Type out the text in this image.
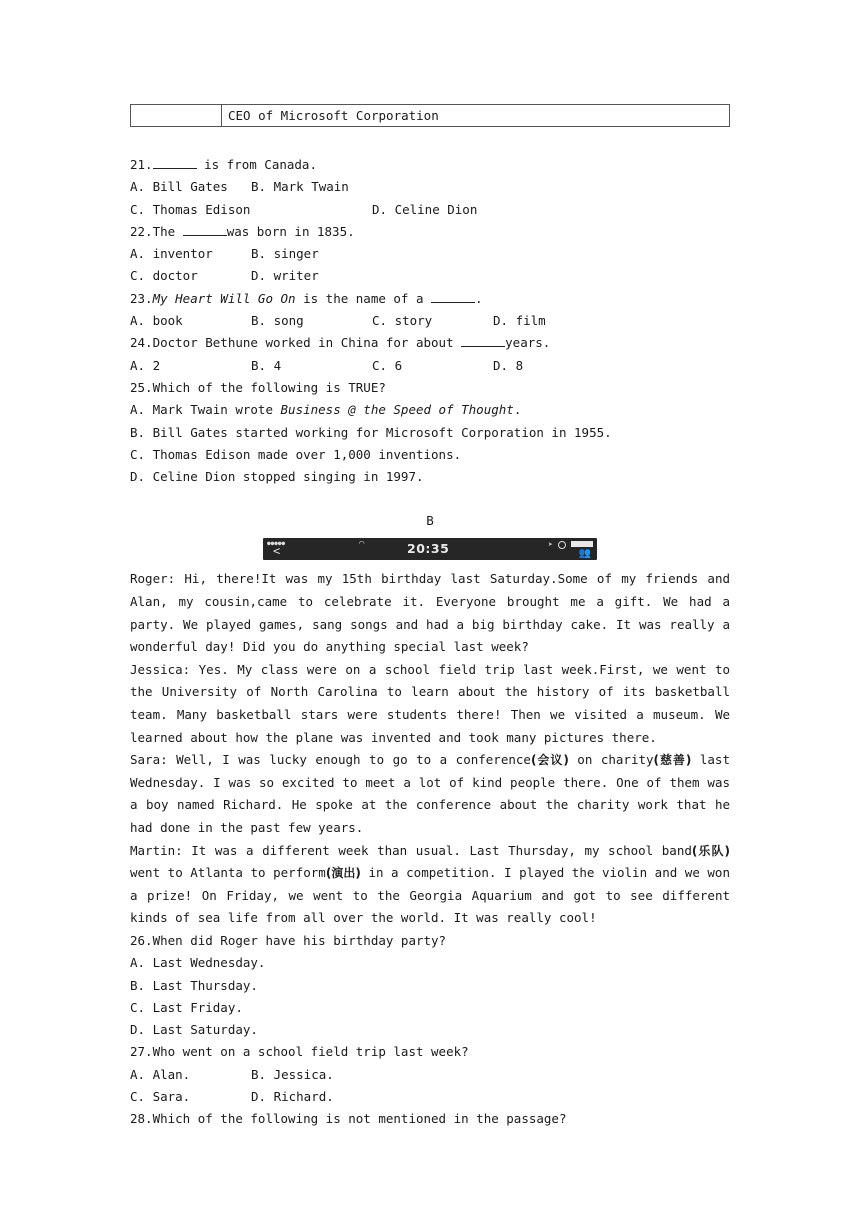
CEO of Microsoft Corporation
21.	is from Canada.
A. Bill Gates	B. Mark Twain
C. Thomas Edison	D. Celine Dion
22.The	was born in 1835.
A. inventor	B. singer
C. doctor	D. writer
23.My Heart Will Go On is the name of a	.
A. book	B. song	C. story	D. film
24.Doctor Bethune worked in China for about	years.
A. 2	B. 4	C. 6	D. 8
25.Which of the following is TRUE?
A. Mark Twain wrote Business @ the Speed of Thought.
B. Bill Gates started working for Microsoft Corporation in 1955.
C. Thomas Edison made over 1,000 inventions.
D. Celine Dion stopped singing in 1997.
B
●●●●●
<	◠	20:35	➤
👥

Roger: Hi, there!It was my 15th birthday last Saturday.Some of my friends and Alan, my cousin,came to celebrate it. Everyone brought me a gift. We had a party. We played games, sang songs and had a big birthday cake. It was really a wonderful day! Did you do anything special last week?

Jessica: Yes. My class were on a school field trip last week.First, we went to the University of North Carolina to learn about the history of its basketball team. Many basketball stars were students there! Then we visited a museum. We learned about how the plane was invented and took many pictures there.

Sara: Well, I was lucky enough to go to a conference(会议) on charity(慈善) last Wednesday. I was so excited to meet a lot of kind people there. One of them was a boy named Richard. He spoke at the conference about the charity work that he had done in the past few years.

Martin: It was a different week than usual. Last Thursday, my school band(乐队) went to Atlanta to perform(演出) in a competition. I played the violin and we won a prize! On Friday, we went to the Georgia Aquarium and got to see different kinds of sea life from all over the world. It was really cool!

26.When did Roger have his birthday party?
A. Last Wednesday.
B. Last Thursday.
C. Last Friday.
D. Last Saturday.
27.Who went on a school field trip last week?
A. Alan.	B. Jessica.
C. Sara.	D. Richard.
28.Which of the following is not mentioned in the passage?
